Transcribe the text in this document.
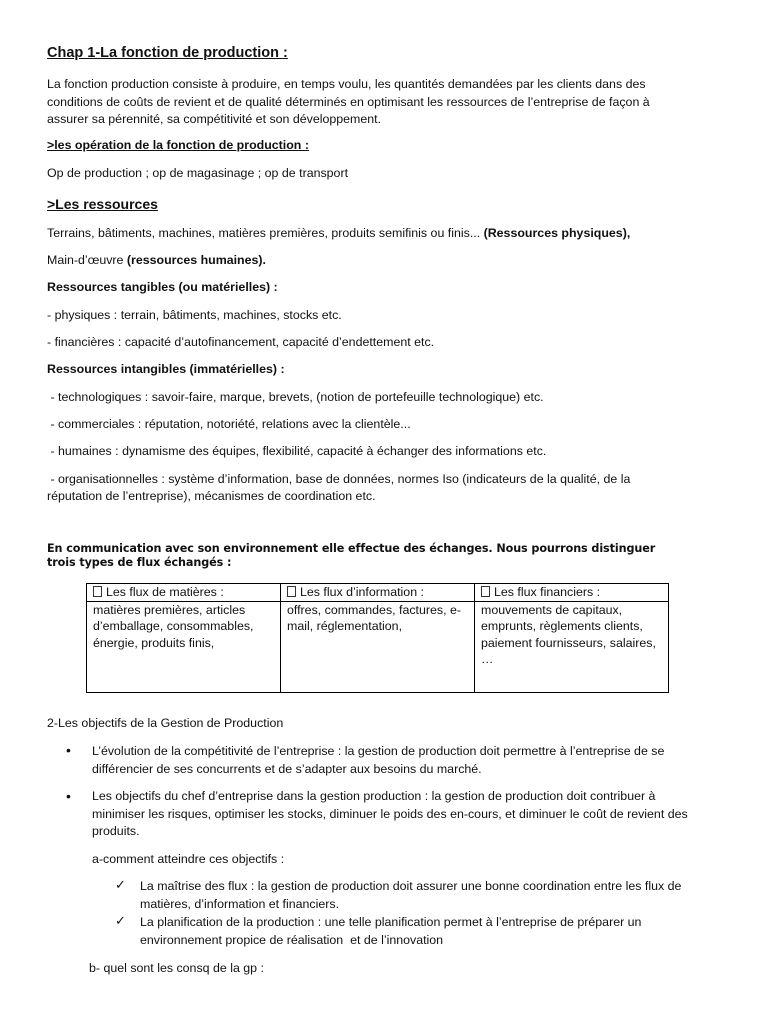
Chap 1-La fonction de production :
La fonction production consiste à produire, en temps voulu, les quantités demandées par les clients dans des
conditions de coûts de revient et de qualité déterminés en optimisant les ressources de l’entreprise de façon à
assurer sa pérennité, sa compétitivité et son développement.
>les opération de la fonction de production :
Op de production ; op de magasinage ; op de transport
>Les ressources
Terrains, bâtiments, machines, matières premières, produits semifinis ou finis... (Ressources physiques),
Main-d’œuvre (ressources humaines).
Ressources tangibles (ou matérielles) :
- physiques : terrain, bâtiments, machines, stocks etc.
- financières : capacité d’autofinancement, capacité d’endettement etc.
Ressources intangibles (immatérielles) :
- technologiques : savoir-faire, marque, brevets, (notion de portefeuille technologique) etc.
- commerciales : réputation, notoriété, relations avec la clientèle...
- humaines : dynamisme des équipes, flexibilité, capacité à échanger des informations etc.
- organisationnelles : système d’information, base de données, normes Iso (indicateurs de la qualité, de la
réputation de l’entreprise), mécanismes de coordination etc.
En communication avec son environnement elle effectue des échanges. Nous pourrons distinguer
trois types de flux échangés :
Les flux de matières :	Les flux d’information :	Les flux financiers :
matières premières, articles d’emballage, consommables, énergie, produits finis,	offres, commandes, factures, e-mail, réglementation,	mouvements de capitaux, emprunts, règlements clients, paiement fournisseurs, salaires, …
2-Les objectifs de la Gestion de Production
• L’évolution de la compétitivité de l’entreprise : la gestion de production doit permettre à l’entreprise de se
différencier de ses concurrents et de s’adapter aux besoins du marché.
• Les objectifs du chef d’entreprise dans la gestion production : la gestion de production doit contribuer à
minimiser les risques, optimiser les stocks, diminuer le poids des en-cours, et diminuer le coût de revient des
produits.
a-comment atteindre ces objectifs :
✓ La maîtrise des flux : la gestion de production doit assurer une bonne coordination entre les flux de
matières, d’information et financiers.
✓ La planification de la production : une telle planification permet à l’entreprise de préparer un
environnement propice de réalisation  et de l’innovation
b- quel sont les consq de la gp :
